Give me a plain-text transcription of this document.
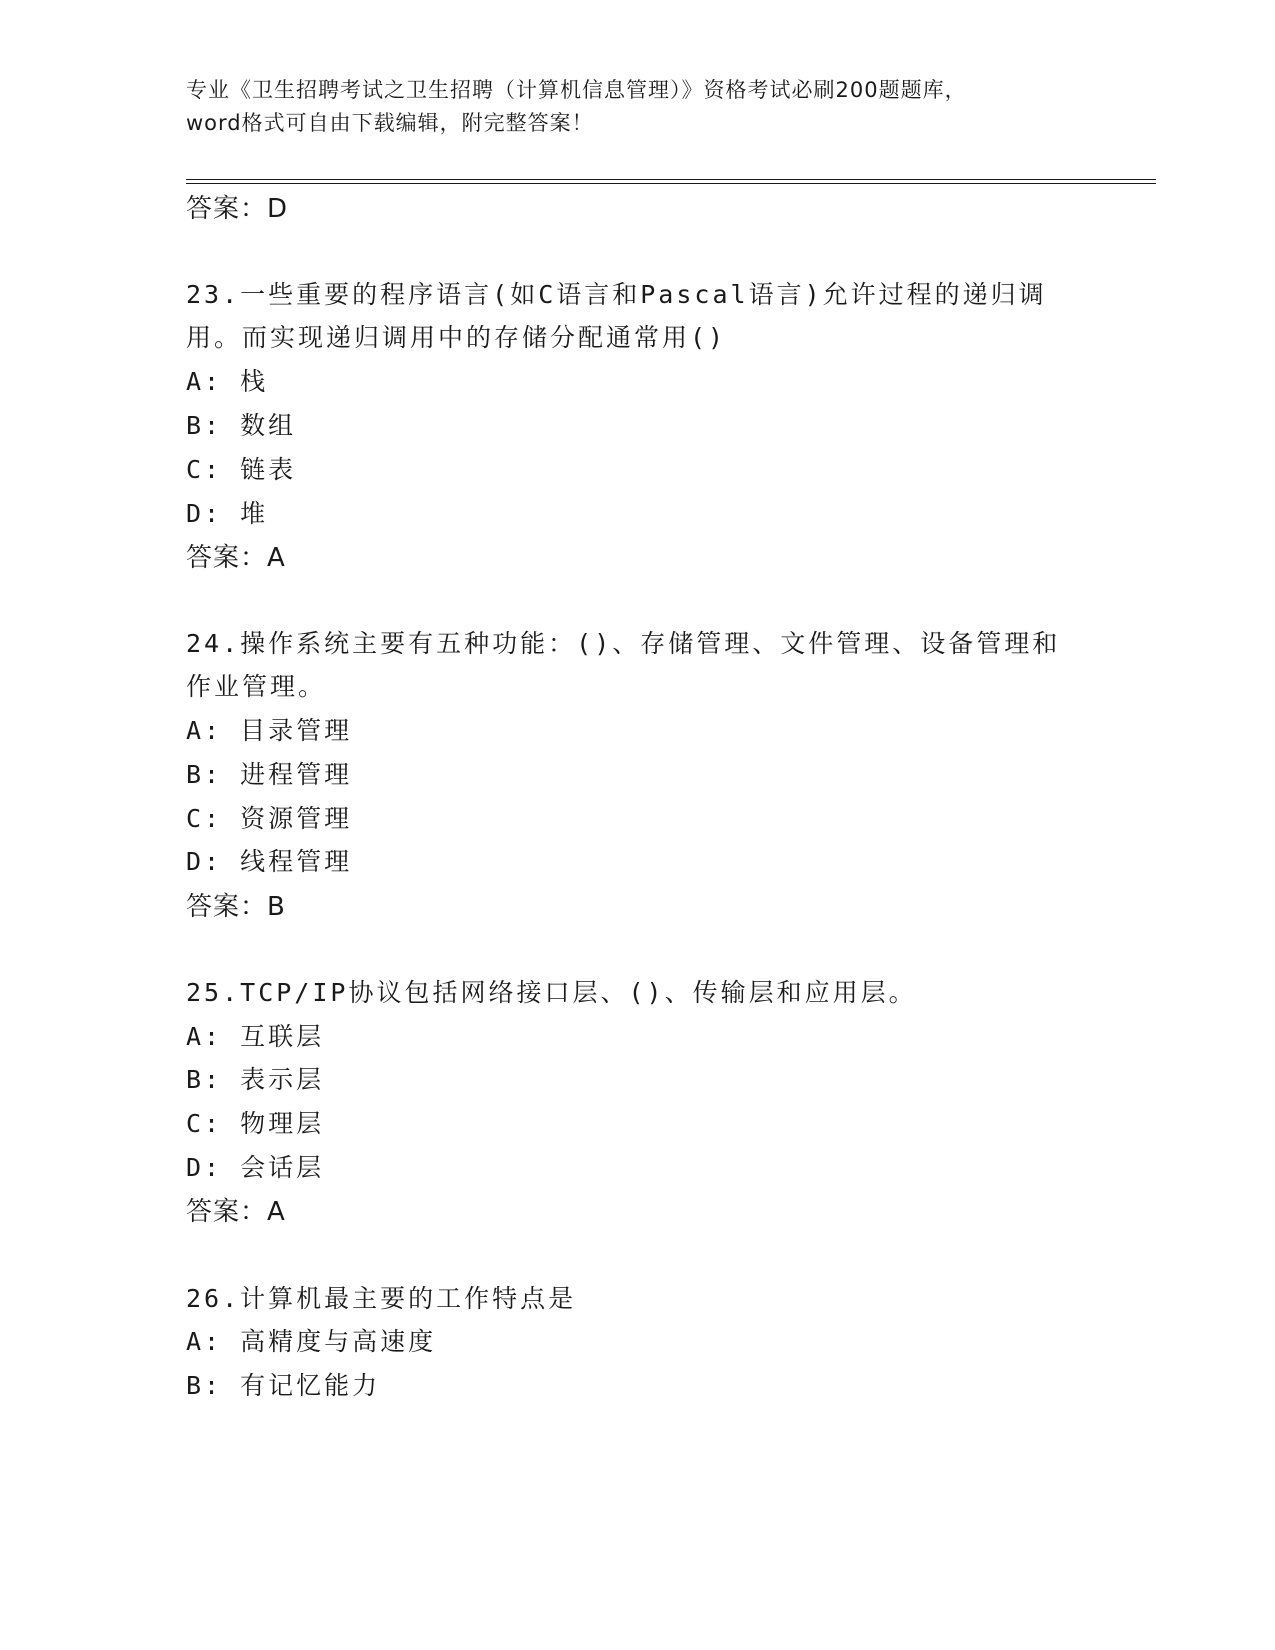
专业《卫生招聘考试之卫生招聘（计算机信息管理）》资格考试必刷200题题库，
word格式可自由下载编辑，附完整答案！
答案：D
23.一些重要的程序语言(如C语言和Pascal语言)允许过程的递归调
用。而实现递归调用中的存储分配通常用()
A: 栈
B: 数组
C: 链表
D: 堆
答案：A
24.操作系统主要有五种功能：()、存储管理、文件管理、设备管理和
作业管理。
A: 目录管理
B: 进程管理
C: 资源管理
D: 线程管理
答案：B
25.TCP/IP协议包括网络接口层、()、传输层和应用层。
A: 互联层
B: 表示层
C: 物理层
D: 会话层
答案：A
26.计算机最主要的工作特点是
A: 高精度与高速度
B: 有记忆能力
